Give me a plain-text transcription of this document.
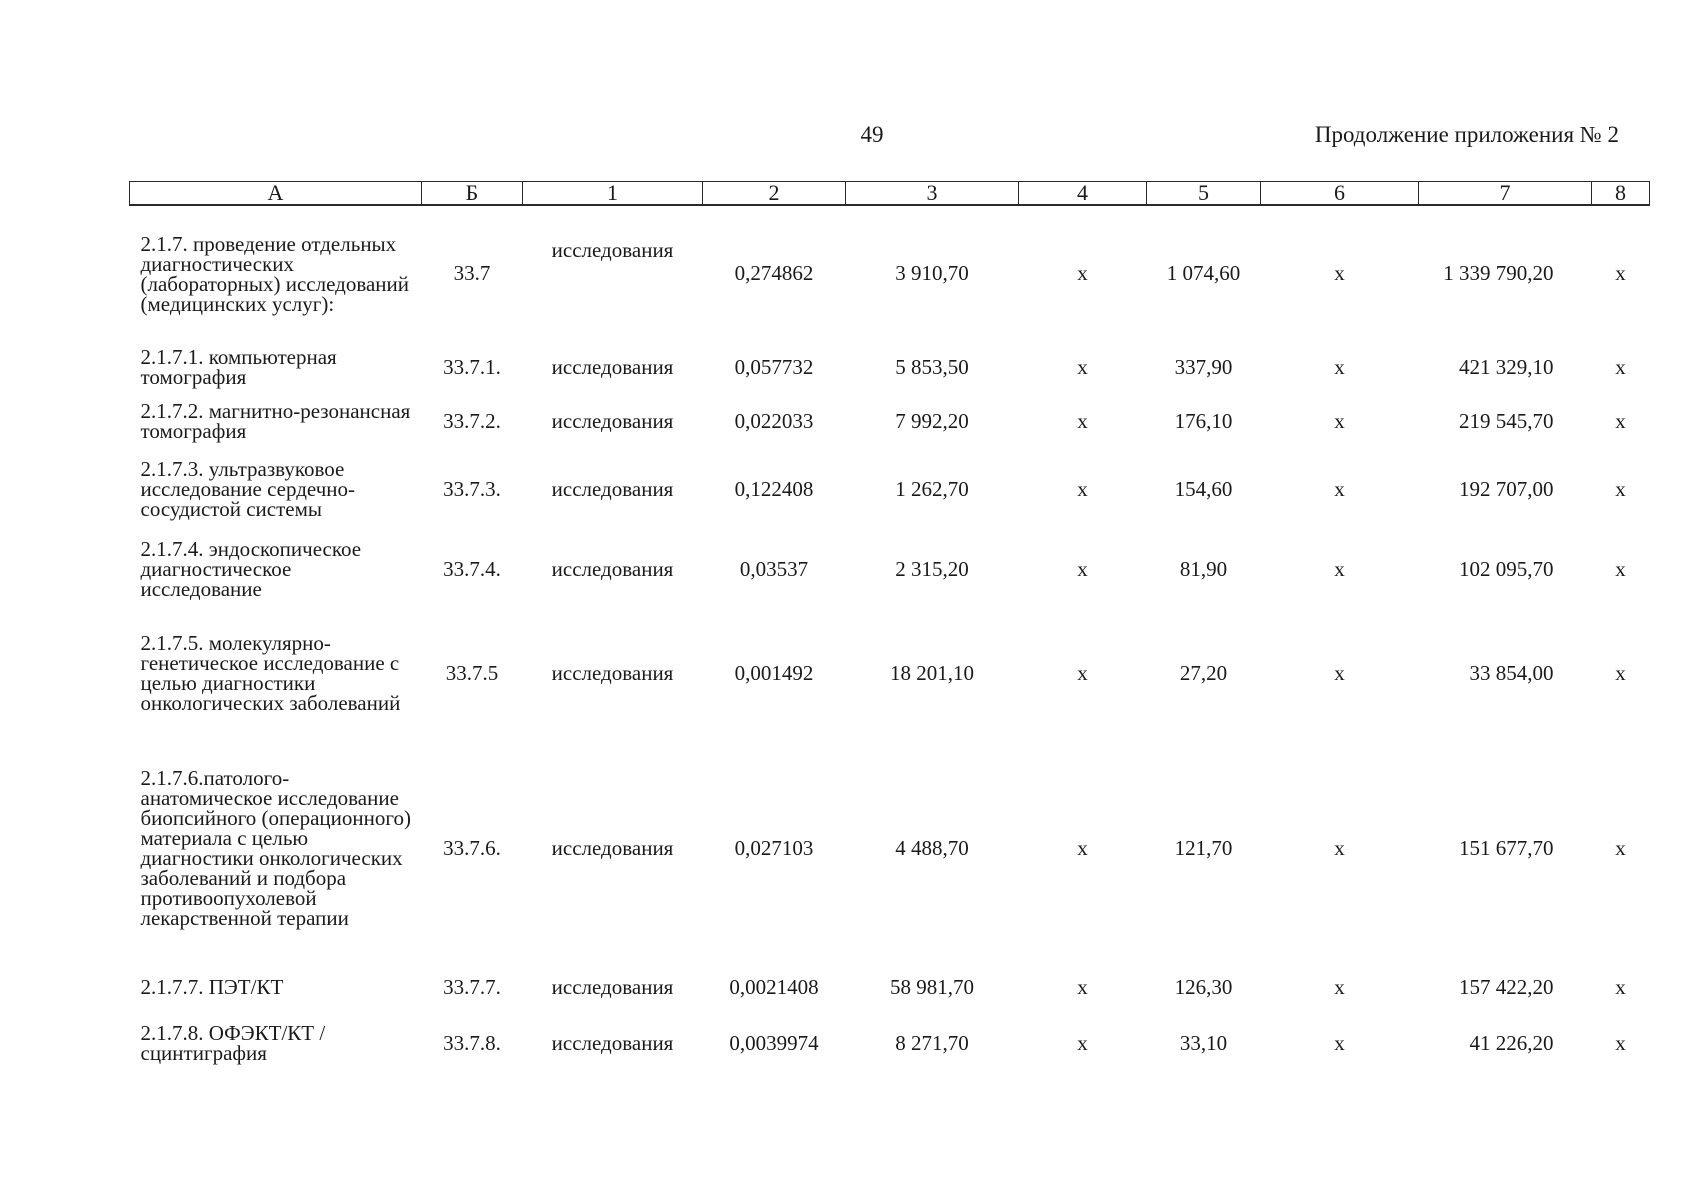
49	Продолжение приложения № 2
А	Б	1	2	3	4	5	6	7	8
2.1.7. проведение отдельных диагностических (лабораторных) исследований (медицинских услуг):	33.7	исследования	0,274862	3 910,70	x	1 074,60	x	1 339 790,20	x
2.1.7.1. компьютерная томография	33.7.1.	исследования	0,057732	5 853,50	x	337,90	x	421 329,10	x
2.1.7.2. магнитно-резонансная томография	33.7.2.	исследования	0,022033	7 992,20	x	176,10	x	219 545,70	x
2.1.7.3. ультразвуковое исследование сердечно-сосудистой системы	33.7.3.	исследования	0,122408	1 262,70	x	154,60	x	192 707,00	x
2.1.7.4. эндоскопическое диагностическое исследование	33.7.4.	исследования	0,03537	2 315,20	x	81,90	x	102 095,70	x
2.1.7.5. молекулярно-генетическое исследование с целью диагностики онкологических заболеваний	33.7.5	исследования	0,001492	18 201,10	x	27,20	x	33 854,00	x
2.1.7.6.патолого-анатомическое исследование биопсийного (операционного) материала с целью диагностики онкологических заболеваний и подбора противоопухолевой лекарственной терапии	33.7.6.	исследования	0,027103	4 488,70	x	121,70	x	151 677,70	x
2.1.7.7. ПЭТ/КТ	33.7.7.	исследования	0,0021408	58 981,70	x	126,30	x	157 422,20	x
2.1.7.8. ОФЭКТ/КТ /сцинтиграфия	33.7.8.	исследования	0,0039974	8 271,70	x	33,10	x	41 226,20	x
